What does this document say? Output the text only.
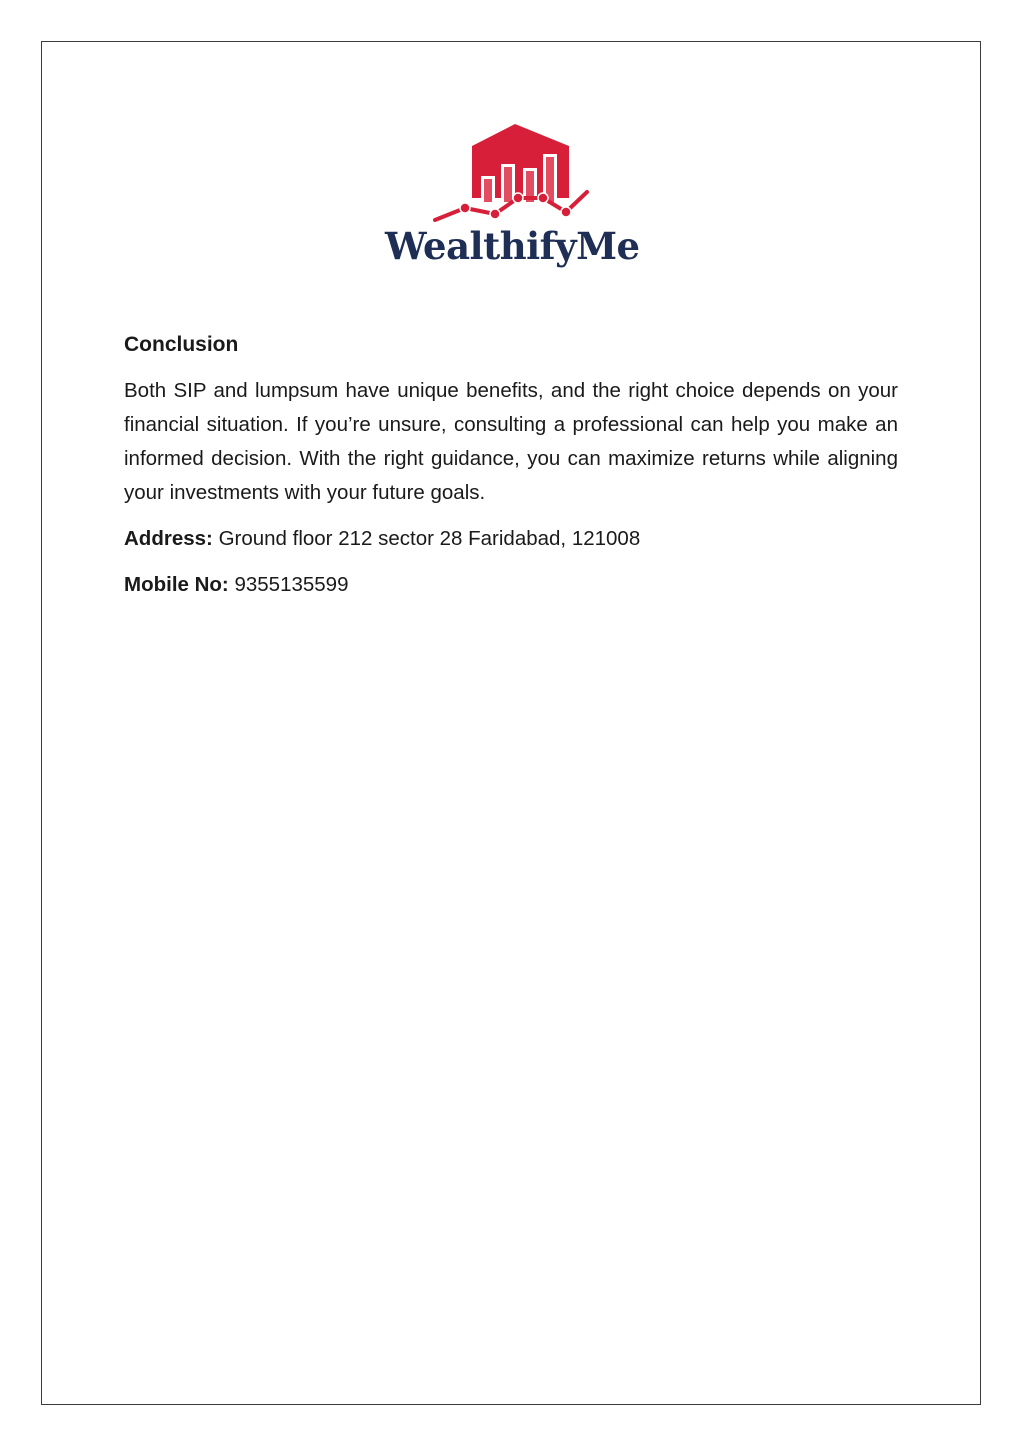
WealthifyMe
Conclusion

Both SIP and lumpsum have unique benefits, and the right choice depends on your financial situation. If you’re unsure, consulting a professional can help you make an informed decision. With the right guidance, you can maximize returns while aligning your investments with your future goals.

Address: Ground floor 212 sector 28 Faridabad, 121008

Mobile No: 9355135599
